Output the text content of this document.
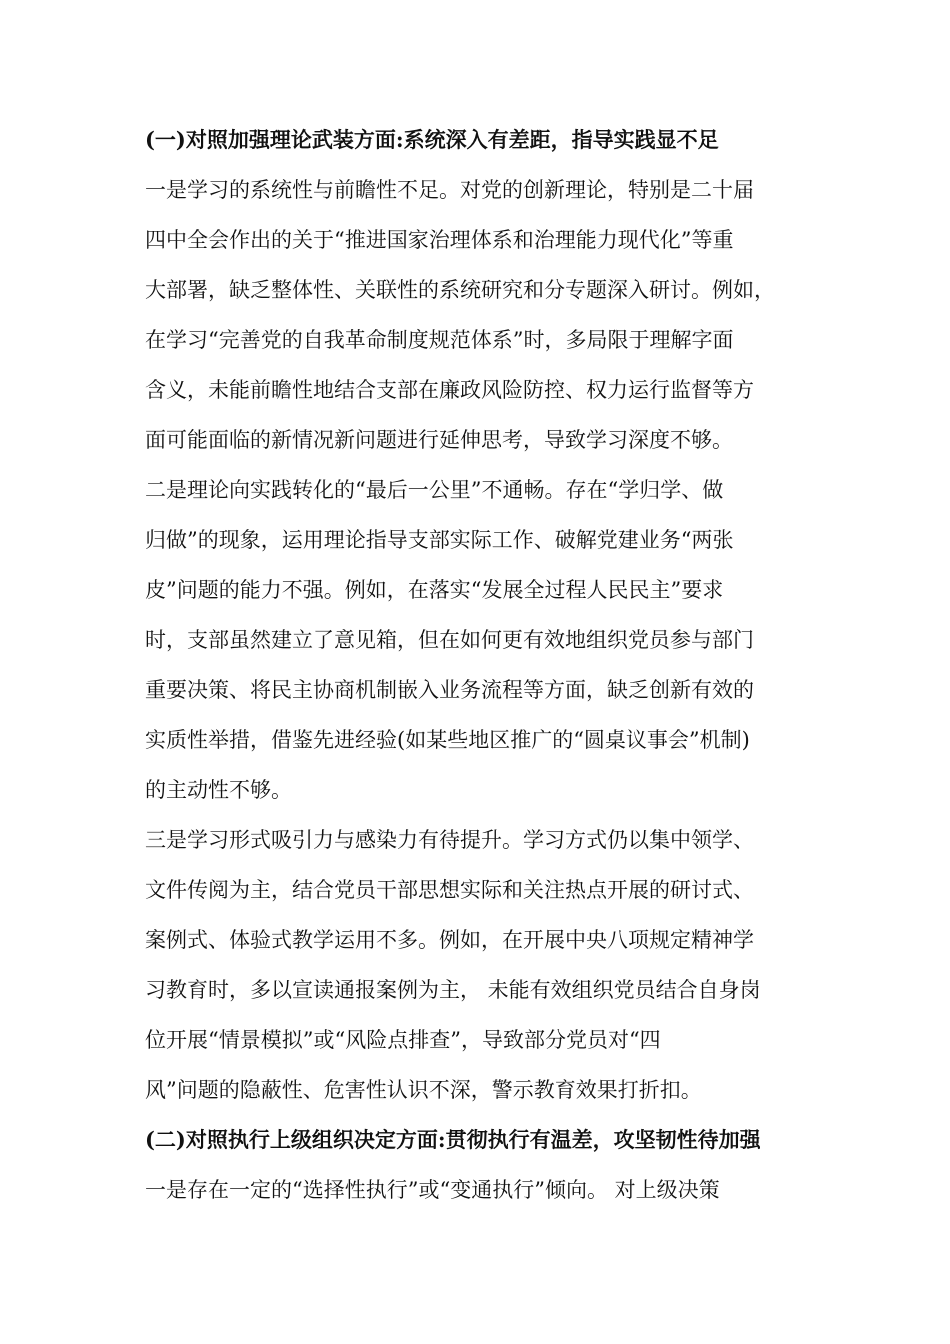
(一)对照加强理论武装方面:系统深入有差距，指导实践显不足
一是学习的系统性与前瞻性不足。对党的创新理论，特别是二十届
四中全会作出的关于“推进国家治理体系和治理能力现代化”等重
大部署，缺乏整体性、关联性的系统研究和分专题深入研讨。例如，
在学习“完善党的自我革命制度规范体系”时，多局限于理解字面
含义，未能前瞻性地结合支部在廉政风险防控、权力运行监督等方
面可能面临的新情况新问题进行延伸思考，导致学习深度不够。
二是理论向实践转化的“最后一公里”不通畅。存在“学归学、做
归做”的现象，运用理论指导支部实际工作、破解党建业务“两张
皮”问题的能力不强。例如，在落实“发展全过程人民民主”要求
时，支部虽然建立了意见箱，但在如何更有效地组织党员参与部门
重要决策、将民主协商机制嵌入业务流程等方面，缺乏创新有效的
实质性举措，借鉴先进经验(如某些地区推广的“圆桌议事会”机制)
的主动性不够。
三是学习形式吸引力与感染力有待提升。学习方式仍以集中领学、
文件传阅为主，结合党员干部思想实际和关注热点开展的研讨式、
案例式、体验式教学运用不多。例如，在开展中央八项规定精神学
习教育时，多以宣读通报案例为主， 未能有效组织党员结合自身岗
位开展“情景模拟”或“风险点排查”，导致部分党员对“四
风”问题的隐蔽性、危害性认识不深，警示教育效果打折扣。
(二)对照执行上级组织决定方面:贯彻执行有温差，攻坚韧性待加强
一是存在一定的“选择性执行”或“变通执行”倾向。 对上级决策
